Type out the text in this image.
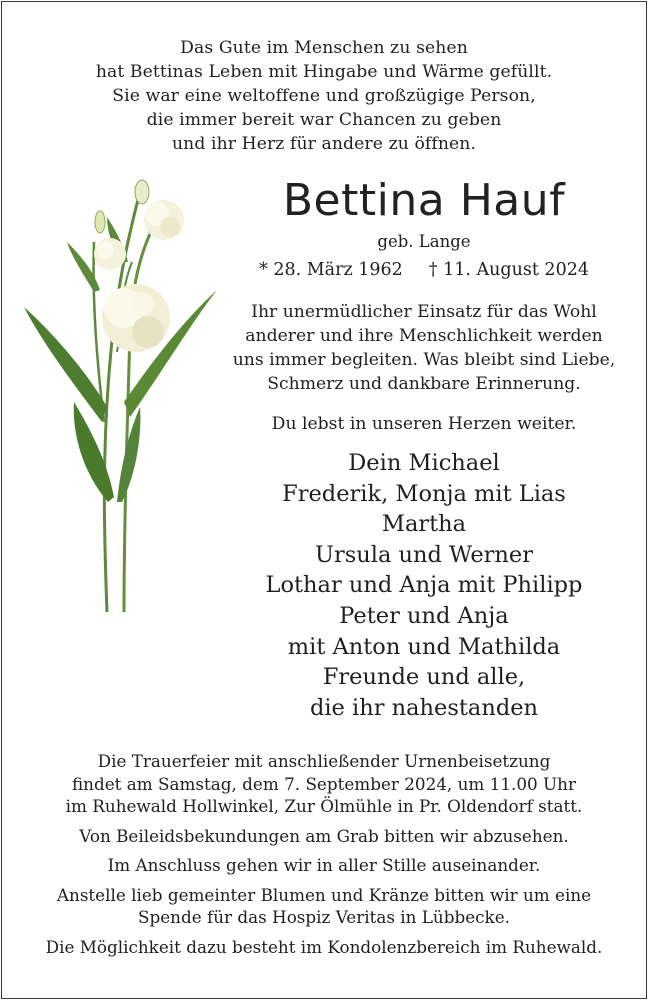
Das Gute im Menschen zu sehen
hat Bettinas Leben mit Hingabe und Wärme gefüllt.
Sie war eine weltoffene und großzügige Person,
die immer bereit war Chancen zu geben
und ihr Herz für andere zu öffnen.
Bettina Hauf
geb. Lange
* 28. März 1962 † 11. August 2024
Ihr unermüdlicher Einsatz für das Wohl
anderer und ihre Menschlichkeit werden
uns immer begleiten. Was bleibt sind Liebe,
Schmerz und dankbare Erinnerung.
Du lebst in unseren Herzen weiter.
Dein Michael
Frederik, Monja mit Lias
Martha
Ursula und Werner
Lothar und Anja mit Philipp
Peter und Anja
mit Anton und Mathilda
Freunde und alle,
die ihr nahestanden

Die Trauerfeier mit anschließender Urnenbeisetzung
findet am Samstag, dem 7. September 2024, um 11.00 Uhr
im Ruhewald Hollwinkel, Zur Ölmühle in Pr. Oldendorf statt.

Von Beileidsbekundungen am Grab bitten wir abzusehen.

Im Anschluss gehen wir in aller Stille auseinander.

Anstelle lieb gemeinter Blumen und Kränze bitten wir um eine
Spende für das Hospiz Veritas in Lübbecke.

Die Möglichkeit dazu besteht im Kondolenzbereich im Ruhewald.
